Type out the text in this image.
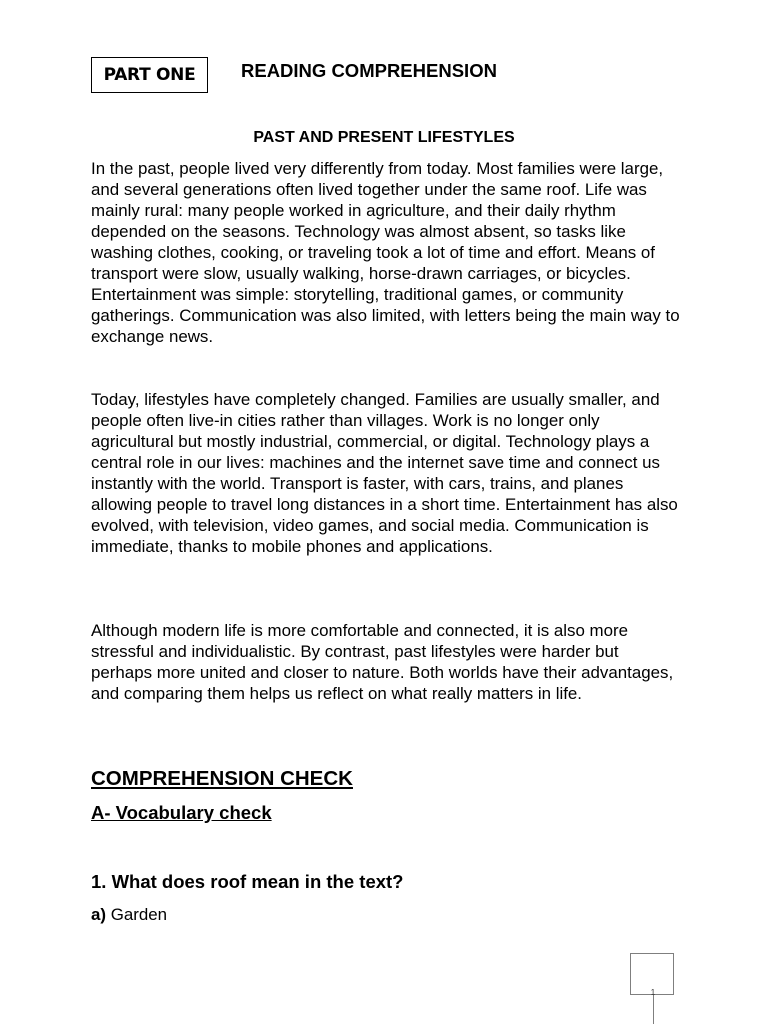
PART ONE	READING COMPREHENSION
PAST AND PRESENT LIFESTYLES

In the past, people lived very differently from today. Most families were large, and several generations often lived together under the same roof. Life was mainly rural: many people worked in agriculture, and their daily rhythm depended on the seasons. Technology was almost absent, so tasks like washing clothes, cooking, or traveling took a lot of time and effort. Means of transport were slow, usually walking, horse-drawn carriages, or bicycles. Entertainment was simple: storytelling, traditional games, or community gatherings. Communication was also limited, with letters being the main way to exchange news.

Today, lifestyles have completely changed. Families are usually smaller, and people often live-in cities rather than villages. Work is no longer only agricultural but mostly industrial, commercial, or digital. Technology plays a central role in our lives: machines and the internet save time and connect us instantly with the world. Transport is faster, with cars, trains, and planes allowing people to travel long distances in a short time. Entertainment has also evolved, with television, video games, and social media. Communication is immediate, thanks to mobile phones and applications.

Although modern life is more comfortable and connected, it is also more stressful and individualistic. By contrast, past lifestyles were harder but perhaps more united and closer to nature. Both worlds have their advantages, and comparing them helps us reflect on what really matters in life.

COMPREHENSION CHECK
A- Vocabulary check
1. What does roof mean in the text?
a) Garden
1
